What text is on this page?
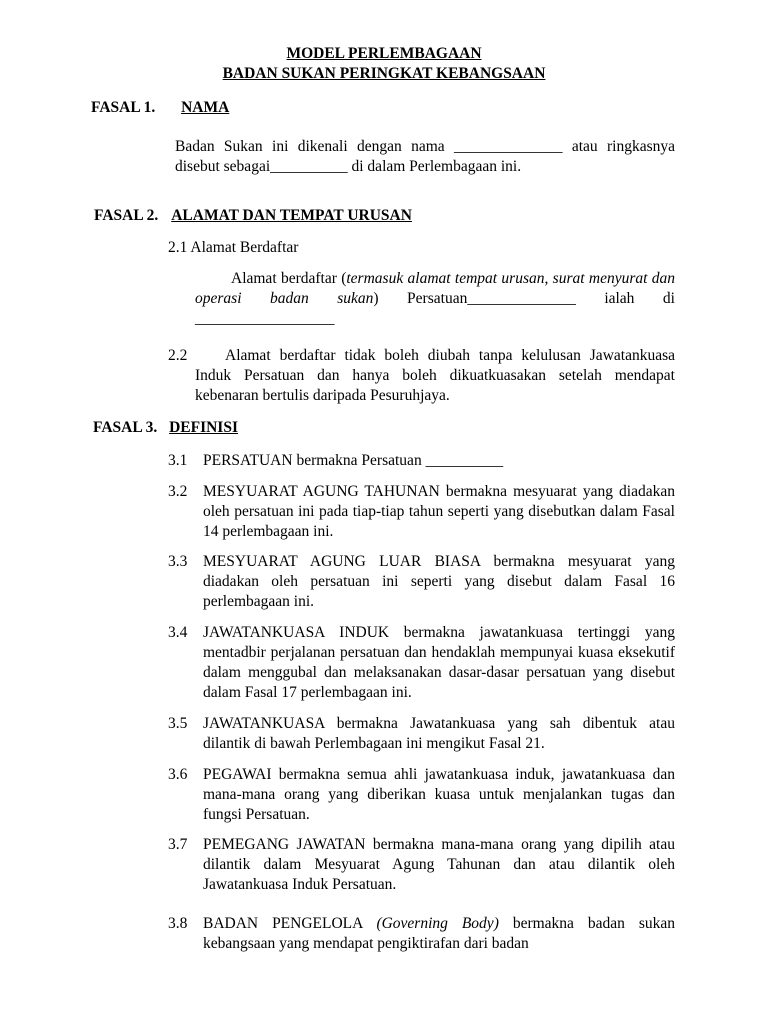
MODEL PERLEMBAGAAN
BADAN SUKAN PERINGKAT KEBANGSAAN
FASAL 1. NAMA
Badan Sukan ini dikenali dengan nama ______________ atau ringkasnya disebut sebagai__________ di dalam Perlembagaan ini.
FASAL 2. ALAMAT DAN TEMPAT URUSAN
2.1 Alamat Berdaftar
Alamat berdaftar (termasuk alamat tempat urusan, surat menyurat dan operasi badan sukan) Persatuan______________ ialah di __________________
2.2	Alamat berdaftar tidak boleh diubah tanpa kelulusan Jawatankuasa Induk Persatuan dan hanya boleh dikuatkuasakan setelah mendapat kebenaran bertulis daripada Pesuruhjaya.
FASAL 3. DEFINISI
3.1 PERSATUAN bermakna Persatuan __________
3.2 MESYUARAT AGUNG TAHUNAN bermakna mesyuarat yang diadakan oleh persatuan ini pada tiap-tiap tahun seperti yang disebutkan dalam Fasal 14 perlembagaan ini.
3.3 MESYUARAT AGUNG LUAR BIASA bermakna mesyuarat yang diadakan oleh persatuan ini seperti yang disebut dalam Fasal 16 perlembagaan ini.
3.4 JAWATANKUASA INDUK bermakna jawatankuasa tertinggi yang mentadbir perjalanan persatuan dan hendaklah mempunyai kuasa eksekutif dalam menggubal dan melaksanakan dasar-dasar persatuan yang disebut dalam Fasal 17 perlembagaan ini.
3.5 JAWATANKUASA bermakna Jawatankuasa yang sah dibentuk atau dilantik di bawah Perlembagaan ini mengikut Fasal 21.
3.6 PEGAWAI bermakna semua ahli jawatankuasa induk, jawatankuasa dan mana-mana orang yang diberikan kuasa untuk menjalankan tugas dan fungsi Persatuan.
3.7 PEMEGANG JAWATAN bermakna mana-mana orang yang dipilih atau dilantik dalam Mesyuarat Agung Tahunan dan atau dilantik oleh Jawatankuasa Induk Persatuan.
3.8 BADAN PENGELOLA (Governing Body) bermakna badan sukan kebangsaan yang mendapat pengiktirafan dari badan
